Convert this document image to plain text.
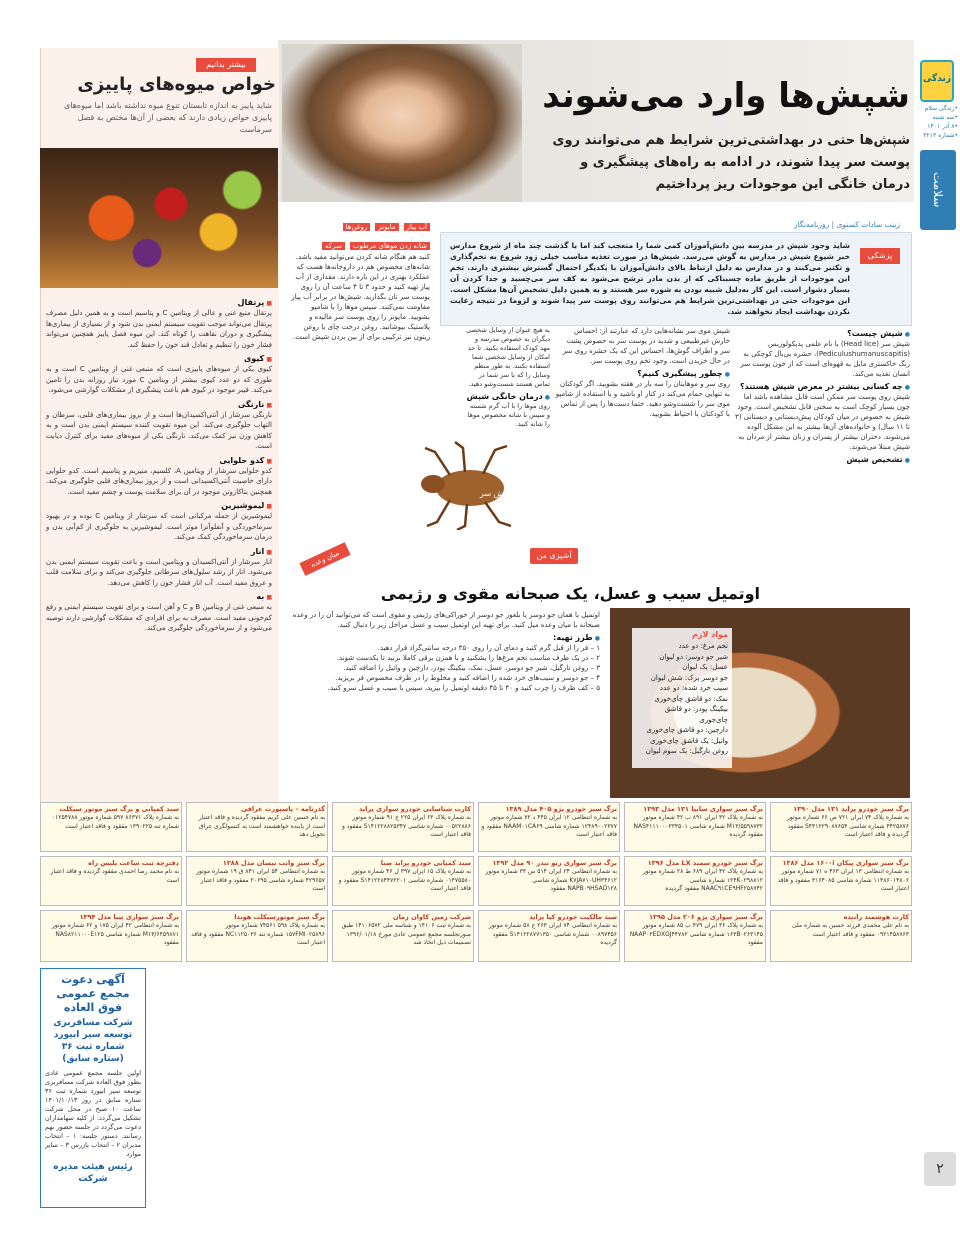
زندگی
•زندگی سلام
•سه شنبه
•۸ آذر ۱۴۰۱
•شماره ۳۲۱۳
سلامت
۲
شپش‌ها وارد می‌شوند
شپش‌ها حتی در بهداشتی‌ترین شرایط هم می‌توانند روی پوست سر پیدا شوند، در ادامه به راه‌های پیشگیری و درمان خانگی این موجودات ریز پرداختیم
بیشتر بدانیم
خواص میوه‌های پاییزی
شاید پاییز به اندازه تابستان تنوع میوه نداشته باشد اما میوه‌های پاییزی خواص زیادی دارند که بعضی از آن‌ها مختص به فصل سرماست
■ پرتقال
پرتقال منبع غنی و عالی از ویتامین C و پتاسیم است و به همین دلیل مصرف پرتقال می‌تواند موجب تقویت سیستم ایمنی بدن شود و از بسیاری از بیماری‌ها پیشگیری و دوران نقاهت را کوتاه کند. این میوه فصل پاییز همچنین می‌تواند فشار خون را تنظیم و تعادل قند خون را حفظ کند.
■ کیوی
کیوی یکی از میوه‌های پاییزی است که منبعی غنی از ویتامین C است و به طوری که دو عدد کیوی بیشتر از ویتامین C مورد نیاز روزانه بدن را تامین می‌کند. فیبر موجود در کیوی هم باعث پیشگیری از مشکلات گوارشی می‌شود.
■ نارنگی
نارنگی سرشار از آنتی‌اکسیدان‌ها است و از بروز بیماری‌های قلبی، سرطان و التهاب جلوگیری می‌کند. این میوه تقویت کننده سیستم ایمنی بدن است و به کاهش وزن نیز کمک می‌کند. نارنگی یکی از میوه‌های مفید برای کنترل دیابت است.
■ کدو حلوایی
کدو حلوایی سرشار از ویتامین A، کلسیم، منیزیم و پتاسیم است. کدو حلوایی دارای خاصیت آنتی‌اکسیدانی است و از بروز بیماری‌های قلبی جلوگیری می‌کند. همچنین بتاکاروتن موجود در آن برای سلامت پوست و چشم مفید است.
■ لیموشیرین
لیموشیرین از جمله مرکباتی است که سرشار از ویتامین C بوده و در بهبود سرماخوردگی و آنفلوآنزا موثر است. لیموشیرین به جلوگیری از کم‌آبی بدن و درمان سرماخوردگی کمک می‌کند.
■ انار
انار سرشار از آنتی‌اکسیدان و ویتامین است و باعث تقویت سیستم ایمنی بدن می‌شود. انار از رشد سلول‌های سرطانی جلوگیری می‌کند و برای سلامت قلب و عروق مفید است. آب انار فشار خون را کاهش می‌دهد.
■ به
به منبعی غنی از ویتامین B و C و آهن است و برای تقویت سیستم ایمنی و رفع کم‌خونی مفید است. مصرف به برای افرادی که مشکلات گوارشی دارند توصیه می‌شود و از سرماخوردگی جلوگیری می‌کند.
زینب سادات کسنوی | روزنامه‌نگار
شاید وجود شپش در مدرسه بین دانش‌آموزان کمی شما را متعجب کند اما با گذشت چند ماه از شروع مدارس خبر شیوع شپش در مدارس به گوش می‌رسد. شپش‌ها در صورت تغذیه مناسب خیلی زود شروع به تخم‌گذاری و تکثیر می‌کنند و در مدارس به دلیل ارتباط بالای دانش‌آموزان با یکدیگر احتمال گسترش بیشتری دارند. تخم این موجودات از طریق ماده چسبناکی که از بدن مادر ترشح می‌شود به کف سر می‌چسبد و جدا کردن آن بسیار دشوار است. این کار به‌دلیل شبیه بودن به شوره سر هستند و به همین دلیل تشخیص آن‌ها مشکل است. این موجودات حتی در بهداشتی‌ترین شرایط هم می‌توانند روی پوست سر پیدا شوند و لزوما در نتیجه رعایت نکردن بهداشت ایجاد نخواهند شد.
پزشکی
● شپش چیست؟
شپش سر (Head lice) با نام علمی پدیکولوزیس (Pediculushumanuscapitis)، حشره بی‌بال کوچکی به رنگ خاکستری مایل به قهوه‌ای است که از خون پوست سر انسان تغذیه می‌کند.
● چه کسانی بیشتر در معرض شپش هستند؟
شپش روی پوست سر ممکن است قابل مشاهده باشد اما چون بسیار کوچک است به سختی قابل تشخیص است. وجود شپش به خصوص در میان کودکان پیش‌دبستانی و دبستانی (۳ تا ۱۱ سال) و خانواده‌های آن‌ها بیشتر به این مشکل آلوده می‌شوند. دختران بیشتر از پسران و زنان بیشتر از مردان به شپش مبتلا می‌شوند.
● تشخیص شپش
شپش موی سر نشانه‌هایی دارد که عبارتند از: احساس خارش غیرطبیعی و شدید در پوست سر به خصوص پشت سر و اطراف گوش‌ها، احساس این که یک حشره روی سر در حال خزیدن است، وجود تخم روی پوست سر.
● چطور پیشگیری کنیم؟
روی سر و موهایتان را سه بار در هفته بشویید. اگر کودکتان به تنهایی حمام می‌کند در کنار او باشید و با استفاده از شامپو موی سر را شست‌وشو دهید. حتما دست‌ها را پس از تماس با کودکتان با احتیاط بشویید.
به هیچ عنوان از وسایل شخصی دیگران به خصوص مدرسه و مهد کودک استفاده نکنید. تا حد امکان از وسایل شخصی شما استفاده نکنند. به طور منظم وسایل را که با سر شما در تماس هستند شست‌وشو دهید.
● درمان خانگی شپش
روی موها را با آب گرم شسته و سپس با شانه مخصوص موها را شانه کنید.
آب پیاز مایونز روغن‌ها شانه زدن موهای مرطوب سرکه
کنید هم هنگام شانه کردن می‌توانید مفید باشد. شانه‌های مخصوص هم در داروخانه‌ها هست که عملکرد بهتری در این باره دارند. مقداری از آب پیاز تهیه کنید و حدود ۳ تا ۴ ساعت آن را روی پوست سر تان بگذارید. شپش‌ها در برابر آب پیاز مقاومت نمی‌کنند. سپس موها را با شامپو بشویید. مایونز را روی پوست سر مالیده و پلاستیک بپوشانید. روغن درخت چای یا روغن زیتون نیز ترکیبی برای از بین بردن شپش است.
شپش سر
آشپزی من
میان وعده
اوتمیل سیب و عسل، یک صبحانه مقوی و رژیمی
مواد لازم
تخم مرغ: دو عدد
شیر جو دوسر: دو لیوان
عسل: یک لیوان
جو دوسر پرک: شش لیوان
سیب خرد شده: دو عدد
نمک: دو قاشق چای‌خوری
بیکینگ پودر: دو قاشق چای‌خوری
دارچین: دو قاشق چای‌خوری
وانیل: یک قاشق چای‌خوری
روغن نارگیل: یک سوم لیوان
اوتمیل با همان جو دوسر یا بلغور جو دوسر از خوراکی‌های رژیمی و مقوی است که می‌توانید آن را در وعده صبحانه یا میان وعده میل کنید. برای تهیه این اوتمیل سیب و عسل مراحل زیر را دنبال کنید.
● طرز تهیه:
۱ – فر را از قبل گرم کنید و دمای آن را روی ۳۵۰ درجه سانتی‌گراد قرار دهید.
۲ – در یک ظرف مناسب تخم مرغ‌ها را بشکنید و با همزن برقی کاملا بزنید تا یکدست شوند.
۳ – روغن نارگیل، شیر جو دوسر، عسل، نمک، بیکینگ پودر، دارچین و وانیل را اضافه کنید.
۴ – جو دوسر و سیب‌های خرد شده را اضافه کنید و مخلوط را در ظرف مخصوص فر بریزید.
۵ – کف ظرف را چرب کنید و ۴۰ تا ۴۵ دقیقه اوتمیل را بپزید، سپس با سیب و عسل سرو کنید.
آگهی دعوت مجمع عمومی فوق العاده
شرکت مسافربری توسعه سیر ابیورد شماره ثبت ۳۶ (ستاره سابق)
اولین جلسه مجمع عمومی عادی بطور فوق العاده شرکت مسافربری توسعه سیر ابیورد شماره ثبت ۳۶ ستاره سابق در روز ۱۴۰۱/۱۰/۱۳ ساعت ۱۰ صبح در محل شرکت تشکیل می‌گردد. از کلیه سهامداران دعوت می‌گردد در جلسه حضور بهم رسانند. دستور جلسه: ۱ – انتخاب مدیران ۲ – انتخاب بازرس ۳ – سایر موارد
رئیس هیئت مدیره شرکت
برگ سبز خودرو پراید ۱۳۱ مدل ۱۳۹۰
به شماره پلاک ۷۴ ایران ۷۲۱ ص ۶۶ شماره موتور ۴۴۲۵۸۷۶ شماره شاسی S۴۴۱۲۲۹۰۸۷۶۵۴ مفقود گردیده و فاقد اعتبار است
برگ سبز سواری سایپا ۱۳۱ مدل ۱۳۹۳
به شماره پلاک ۳۲ ایران ۸۹۱ ب ۴۲ شماره موتور M۱۳/۵۵۹۸۷۳۲ شماره شاسی NAS۴۱۱۱۰۰۰۳۳۳۵۰۱ مفقود گردیده
برگ سبز خودرو پژو ۴۰۵ مدل ۱۳۸۹
به شماره انتظامی ۱۲ ایران ۴۴۵ د ۷۲ شماره موتور ۱۲۴۸۹۰۰۲۳۷۷ شماره شاسی NAAM۰۱CA۶۹ مفقود و فاقد اعتبار است
کارت شناسایی خودرو سواری پراید
به شماره پلاک ۶۳ ایران ۲۲۵ ج ۹۱ شماره موتور ۰۰۵۲۲۸۸۶ شماره شاسی S۱۴۱۲۲۸۸۲۵۳۴۷ مفقود و فاقد اعتبار است
گذرنامه – پاسپورت عراقی
به نام حسین علی کریم مفقود گردیده و فاقد اعتبار است از یابنده خواهشمند است به کنسولگری عراق تحویل دهد
سند کمپانی و برگ سبز موتور سیکلت
به شماره پلاک ۸۶۳۷۱ ۵۹۷ شماره موتور ۰۱۲۵۴۷۸۸ شماره تنه ۱۳۹۰۲۲۵ مفقود و فاقد اعتبار است
برگ سبز سواری پیکان ۱۶۰۰i مدل ۱۳۸۶
به شماره انتظامی ۱۳ ایران ۴۶۳ ه ۷۱ شماره موتور ۱۱۴۸۶۰۱۴۸۰۶ شماره شاسی ۳۱۶۴۰۸۵ مفقود و فاقد اعتبار است
برگ سبز خودرو سمند LX مدل ۱۳۹۶
به شماره پلاک ۴۲ ایران ۶۸۹ ط ۲۸ شماره موتور ۱۲۴K۰۲۹۸۸۱۲ شماره شاسی NAAC۹۱CE۹HF۲۵۸۷۴۲ مفقود گردیده
برگ سبز سواری رنو تندر ۹۰ مدل ۱۳۹۲
به شماره انتظامی ۲۴ ایران ۵۱۴ س ۳۳ شماره موتور K۷JA۷۱۰UH۳۴۶۱۲ شماره شاسی NAPB۰۹HSAD۱۲۸ مفقود
سند کمپانی خودرو پراید صبا
به شماره پلاک ۱۵ ایران ۳۹۷ ل ۴۶ شماره موتور ۰۱۴۷۵۵۸۰ شماره شاسی S۱۴۱۲۲۸۴۴۷۲۲۰۱ مفقود و فاقد اعتبار است
برگ سبز وانت نیسان مدل ۱۳۸۸
به شماره انتظامی ۵۴ ایران ۸۴۱ ق ۱۹ شماره موتور ۴۲۹۶۵۷ شماره شاسی ۲۰۶۹۵ مفقود و فاقد اعتبار است
دفترچه ثبت ساعت پلیس راه
به نام محمد رضا احمدی مفقود گردیده و فاقد اعتبار است
کارت هوشمند راننده
به نام علی محمدی فرزند حسین به شماره ملی ۰۹۲۱۴۵۸۷۶۳ مفقود و فاقد اعتبار است
برگ سبز سواری پژو ۲۰۶ مدل ۱۳۹۵
به شماره پلاک ۳۶ ایران ۴۷۹ ب ۸۵ شماره موتور ۱۶۳B۰۲۶۳۱۴۵ شماره شاسی NAAP۰۳EDXGJ۴۴۷۸۲ مفقود
سند مالکیت خودرو کیا پراید
به شماره انتظامی ۷۴ ایران ۲۶۳ ج ۵۸ شماره موتور ۰۰۸۹۷۴۵۶ شماره شاسی S۱۴۱۲۲۸۷۷۱۳۵۰ مفقود گردیده
شرکت زمین کاوان زمان
به شماره ثبت ۱۴۱۰۶ و شناسه ملی ۱۴۱۰۶۵۷۲ طبق صورتجلسه مجمع عمومی عادی مورخ ۱۳۹۶/۰۱/۱۸ تصمیمات ذیل اتخاذ شد
برگ سبز موتورسیکلت هوندا
به شماره پلاک ۵۹۸ ۷۴۵۶۱ شماره موتور ۱۵۷FMI۰۲۵۸۹۶ شماره تنه NC۱۱۲۵۰۳۶ مفقود و فاقد اعتبار است
برگ سبز سواری تیبا مدل ۱۳۹۴
به شماره انتظامی ۴۲ ایران ۱۷۵ و ۶۲ شماره موتور M۱۳/۶۴۵۹۸۷۱ شماره شاسی NAS۸۲۱۱۰۰۰E۱۲۵ مفقود
